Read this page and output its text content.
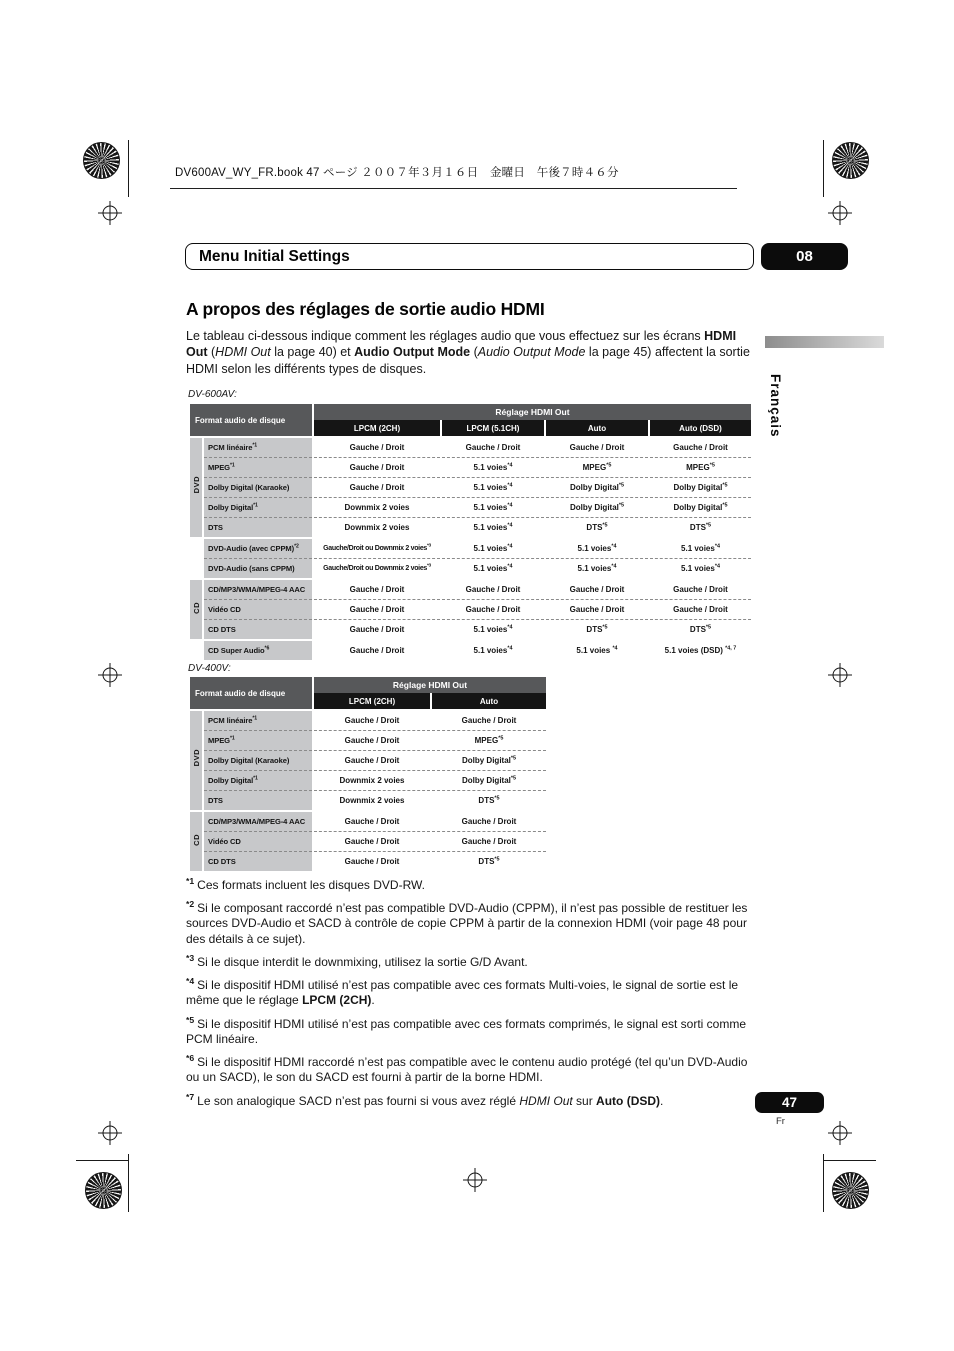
DV600AV_WY_FR.book 47 ページ ２００７年３月１６日　金曜日　午後７時４６分
Menu Initial Settings	08
A propos des réglages de sortie audio HDMI

Le tableau ci-dessous indique comment les réglages audio que vous effectuez sur les écrans HDMI Out (HDMI Out la page 40) et Audio Output Mode (Audio Output Mode la page 45) affectent la sortie HDMI selon les différents types de disques.

Français
DV-600AV:
Format audio de disque	Réglage HDMI Out			
	LPCM (2CH)	LPCM (5.1CH)	Auto	Auto (DSD)
DVD	PCM linéaire$^{*1}$	Gauche / Droit	Gauche / Droit	Gauche / Droit	Gauche / Droit
	MPEG$^{*1}$	Gauche / Droit	5.1 voies$^{*4}$	MPEG$^{*5}$	MPEG$^{*5}$
	Dolby Digital (Karaoke)	Gauche / Droit	5.1 voies$^{*4}$	Dolby Digital$^{*5}$	Dolby Digital$^{*5}$
	Dolby Digital$^{*1}$	Downmix 2 voies	5.1 voies$^{*4}$	Dolby Digital$^{*5}$	Dolby Digital$^{*5}$
	DTS	Downmix 2 voies	5.1 voies$^{*4}$	DTS$^{*5}$	DTS$^{*5}$
	DVD-Audio (avec CPPM)$^{*2}$	Gauche/Droit ou Downmix 2 voies$^{*3}$	5.1 voies$^{*4}$	5.1 voies$^{*4}$	5.1 voies$^{*4}$
	DVD-Audio (sans CPPM)	Gauche/Droit ou Downmix 2 voies$^{*3}$	5.1 voies$^{*4}$	5.1 voies$^{*4}$	5.1 voies$^{*4}$
CD	CD/MP3/WMA/MPEG-4 AAC	Gauche / Droit	Gauche / Droit	Gauche / Droit	Gauche / Droit
	Vidéo CD	Gauche / Droit	Gauche / Droit	Gauche / Droit	Gauche / Droit
	CD DTS	Gauche / Droit	5.1 voies$^{*4}$	DTS$^{*5}$	DTS$^{*5}$
	CD Super Audio$^{*6}$	Gauche / Droit	5.1 voies$^{*4}$	5.1 voies $^{*4}$	5.1 voies (DSD) $^{*4, 7}$
DV-400V:
Format audio de disque	Réglage HDMI Out	
	LPCM (2CH)	Auto
DVD	PCM linéaire$^{*1}$	Gauche / Droit	Gauche / Droit
	MPEG$^{*1}$	Gauche / Droit	MPEG$^{*5}$
	Dolby Digital (Karaoke)	Gauche / Droit	Dolby Digital$^{*5}$
	Dolby Digital$^{*1}$	Downmix 2 voies	Dolby Digital$^{*5}$
	DTS	Downmix 2 voies	DTS$^{*5}$
CD	CD/MP3/WMA/MPEG-4 AAC	Gauche / Droit	Gauche / Droit
	Vidéo CD	Gauche / Droit	Gauche / Droit
	CD DTS	Gauche / Droit	DTS$^{*5}$

$^{*1}$ Ces formats incluent les disques DVD-RW.

$^{*2}$ Si le composant raccordé n’est pas compatible DVD-Audio (CPPM), il n’est pas possible de restituer les sources DVD-Audio et SACD à contrôle de copie CPPM à partir de la connexion HDMI (voir page 48 pour des détails à ce sujet).

$^{*3}$ Si le disque interdit le downmixing, utilisez la sortie G/D Avant.

$^{*4}$ Si le dispositif HDMI utilisé n’est pas compatible avec ces formats Multi-voies, le signal de sortie est le même que le réglage LPCM (2CH).

$^{*5}$ Si le dispositif HDMI utilisé n’est pas compatible avec ces formats comprimés, le signal est sorti comme PCM linéaire.

$^{*6}$ Si le dispositif HDMI raccordé n’est pas compatible avec le contenu audio protégé (tel qu’un DVD-Audio ou un SACD), le son du SACD est fourni à partir de la borne HDMI.

$^{*7}$ Le son analogique SACD n’est pas fourni si vous avez réglé HDMI Out sur Auto (DSD).	47
Fr
